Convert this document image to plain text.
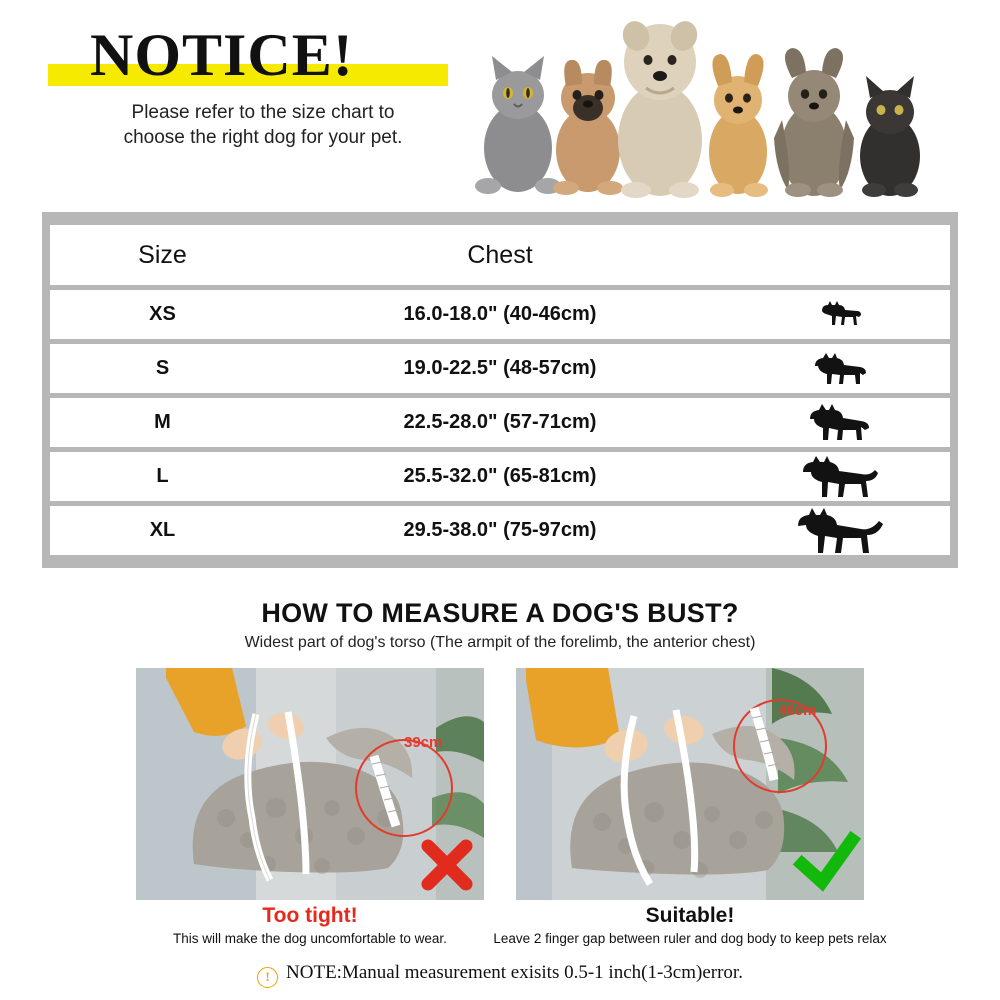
NOTICE!

Please refer to the size chart to
choose the right dog for your pet.

Size	Chest	
XS	16.0-18.0" (40-46cm)	

S	19.0-22.5" (48-57cm)	

M	22.5-28.0" (57-71cm)	

L	25.5-32.0" (65-81cm)	

XL	29.5-38.0" (75-97cm)	
HOW TO MEASURE A DOG'S BUST?
Widest part of dog's torso (The armpit of the forelimb, the anterior chest)
39cm
46cm
Too tight!
This will make the dog uncomfortable to wear.
Suitable!
Leave 2 finger gap between ruler and dog body to keep pets relax
! NOTE:Manual measurement exisits 0.5-1 inch(1-3cm)error.
